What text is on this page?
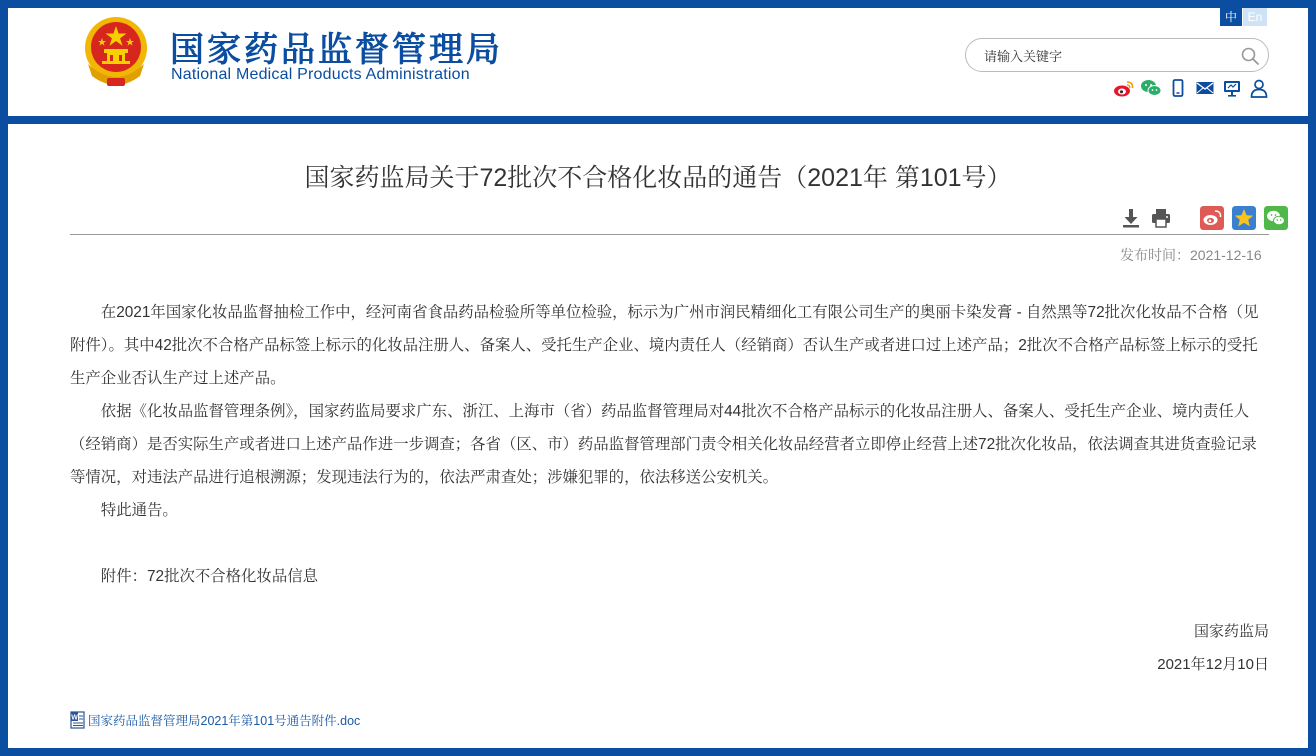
国家药品监督管理局
National Medical Products Administration
中 En
请输入关键字
国家药监局关于72批次不合格化妆品的通告（2021年 第101号）
发布时间：2021-12-16

在2021年国家化妆品监督抽检工作中，经河南省食品药品检验所等单位检验，标示为广州市润民精细化工有限公司生产的奥丽卡染发膏 - 自然黑等72批次化妆品不合格（见附件）。其中42批次不合格产品标签上标示的化妆品注册人、备案人、受托生产企业、境内责任人（经销商）否认生产或者进口过上述产品；2批次不合格产品标签上标示的受托生产企业否认生产过上述产品。

依据《化妆品监督管理条例》，国家药监局要求广东、浙江、上海市（省）药品监督管理局对44批次不合格产品标示的化妆品注册人、备案人、受托生产企业、境内责任人（经销商）是否实际生产或者进口上述产品作进一步调查；各省（区、市）药品监督管理部门责令相关化妆品经营者立即停止经营上述72批次化妆品，依法调查其进货查验记录等情况，对违法产品进行追根溯源；发现违法行为的，依法严肃查处；涉嫌犯罪的，依法移送公安机关。

特此通告。

附件：72批次不合格化妆品信息

国家药监局
2021年12月10日
W 国家药品监督管理局2021年第101号通告附件.doc
